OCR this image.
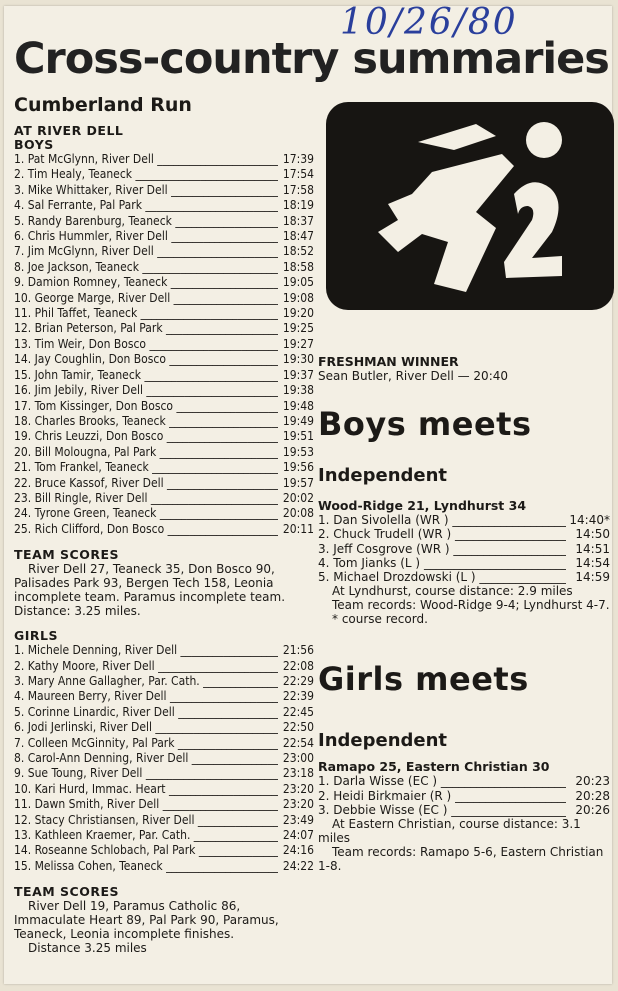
10/26/80
Cross-country summaries
Cumberland Run
AT RIVER DELL
BOYS
1. Pat McGlynn, River Dell _____	17:39
2. Tim Healy, Teaneck _____	17:54
3. Mike Whittaker, River Dell _____	17:58
4. Sal Ferrante, Pal Park _____	18:19
5. Randy Barenburg, Teaneck _____	18:37
6. Chris Hummler, River Dell _____	18:47
7. Jim McGlynn, River Dell _____	18:52
8. Joe Jackson, Teaneck _____	18:58
9. Damion Romney, Teaneck _____	19:05
10. George Marge, River Dell _____	19:08
11. Phil Taffet, Teaneck _____	19:20
12. Brian Peterson, Pal Park _____	19:25
13. Tim Weir, Don Bosco _____	19:27
14. Jay Coughlin, Don Bosco _____	19:30
15. John Tamir, Teaneck _____	19:37
16. Jim Jebily, River Dell _____	19:38
17. Tom Kissinger, Don Bosco _____	19:48
18. Charles Brooks, Teaneck _____	19:49
19. Chris Leuzzi, Don Bosco _____	19:51
20. Bill Molougna, Pal Park _____	19:53
21. Tom Frankel, Teaneck _____	19:56
22. Bruce Kassof, River Dell _____	19:57
23. Bill Ringle, River Dell _____	20:02
24. Tyrone Green, Teaneck _____	20:08
25. Rich Clifford, Don Bosco _____	20:11
TEAM SCORES
River Dell 27, Teaneck 35, Don Bosco 90, Palisades Park 93, Bergen Tech 158, Leonia incomplete team. Paramus incomplete team.
Distance: 3.25 miles.
GIRLS
1. Michele Denning, River Dell _____	21:56
2. Kathy Moore, River Dell _____	22:08
3. Mary Anne Gallagher, Par. Cath. _____	22:29
4. Maureen Berry, River Dell _____	22:39
5. Corinne Linardic, River Dell _____	22:45
6. Jodi Jerlinski, River Dell _____	22:50
7. Colleen McGinnity, Pal Park _____	22:54
8. Carol-Ann Denning, River Dell _____	23:00
9. Sue Toung, River Dell _____	23:18
10. Kari Hurd, Immac. Heart _____	23:20
11. Dawn Smith, River Dell _____	23:20
12. Stacy Christiansen, River Dell _____	23:49
13. Kathleen Kraemer, Par. Cath. _____	24:07
14. Roseanne Schlobach, Pal Park _____	24:16
15. Melissa Cohen, Teaneck _____	24:22
TEAM SCORES
River Dell 19, Paramus Catholic 86, Immaculate Heart 89, Pal Park 90, Paramus, Teaneck, Leonia incomplete finishes.
Distance 3.25 miles
FRESHMAN WINNER
Sean Butler, River Dell — 20:40
Boys meets
Independent
Wood-Ridge 21, Lyndhurst 34
1. Dan Sivolella (WR ) _____	14:40*
2. Chuck Trudell (WR ) _____	14:50
3. Jeff Cosgrove (WR ) _____	14:51
4. Tom Jianks (L ) _____	14:54
5. Michael Drozdowski (L ) _____	14:59
At Lyndhurst, course distance: 2.9 miles
Team records: Wood-Ridge 9-4; Lyndhurst 4-7.
* course record.
Girls meets
Independent
Ramapo 25, Eastern Christian 30
1. Darla Wisse (EC ) _____	20:23
2. Heidi Birkmaier (R ) _____	20:28
3. Debbie Wisse (EC ) _____	20:26
At Eastern Christian, course distance: 3.1 miles
Team records: Ramapo 5-6, Eastern Christian 1-8.
